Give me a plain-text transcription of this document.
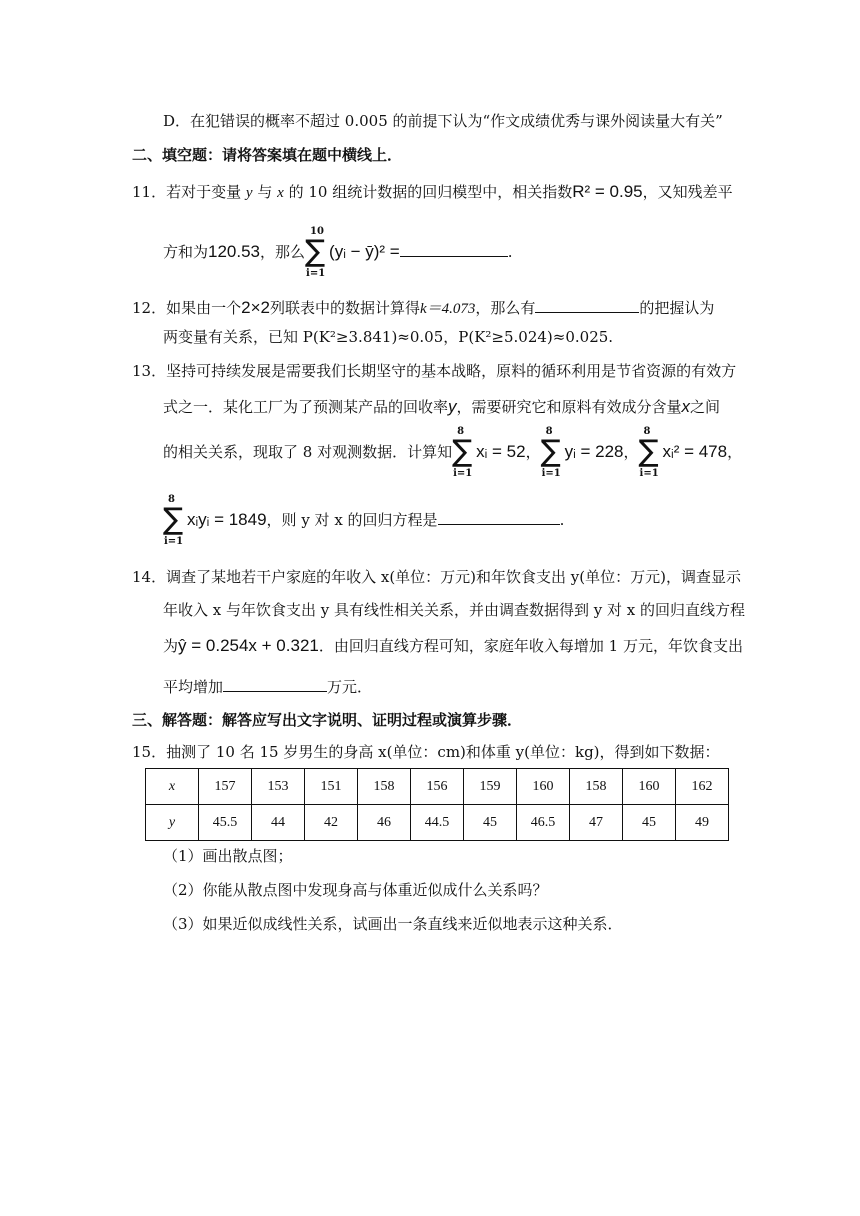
D．在犯错误的概率不超过 0.005 的前提下认为“作文成绩优秀与课外阅读量大有关”
二、填空题：请将答案填在题中横线上．
11．若对于变量 y 与 x 的 10 组统计数据的回归模型中，相关指数R² = 0.95，又知残差平
方和为120.53，那么
10
∑
i=1
(yᵢ − ȳ)² =	.
12．如果由一个2×2列联表中的数据计算得k＝4.073，那么有	的把握认为
两变量有关系，已知 P(K²≥3.841)≈0.05，P(K²≥5.024)≈0.025.
13．坚持可持续发展是需要我们长期坚守的基本战略，原料的循环利用是节省资源的有效方
式之一．某化工厂为了预测某产品的回收率y，需要研究它和原料有效成分含量x之间
的相关关系，现取了 8 对观测数据．计算知
8
∑
i=1
xᵢ = 52，
8
∑
i=1
yᵢ = 228，
8
∑
i=1
xᵢ² = 478，
8
∑
i=1
xᵢyᵢ = 1849，则 y 对 x 的回归方程是	.
14．调查了某地若干户家庭的年收入 x(单位：万元)和年饮食支出 y(单位：万元)，调查显示
年收入 x 与年饮食支出 y 具有线性相关关系，并由调查数据得到 y 对 x 的回归直线方程
为ŷ = 0.254x + 0.321．由回归直线方程可知，家庭年收入每增加 1 万元，年饮食支出
平均增加	万元．
三、解答题：解答应写出文字说明、证明过程或演算步骤．
15．抽测了 10 名 15 岁男生的身高 x(单位：cm)和体重 y(单位：kg)，得到如下数据：
x	157	153	151	158	156	159	160	158	160	162
y	45.5	44	42	46	44.5	45	46.5	47	45	49
（1）画出散点图；
（2）你能从散点图中发现身高与体重近似成什么关系吗？
（3）如果近似成线性关系，试画出一条直线来近似地表示这种关系．
